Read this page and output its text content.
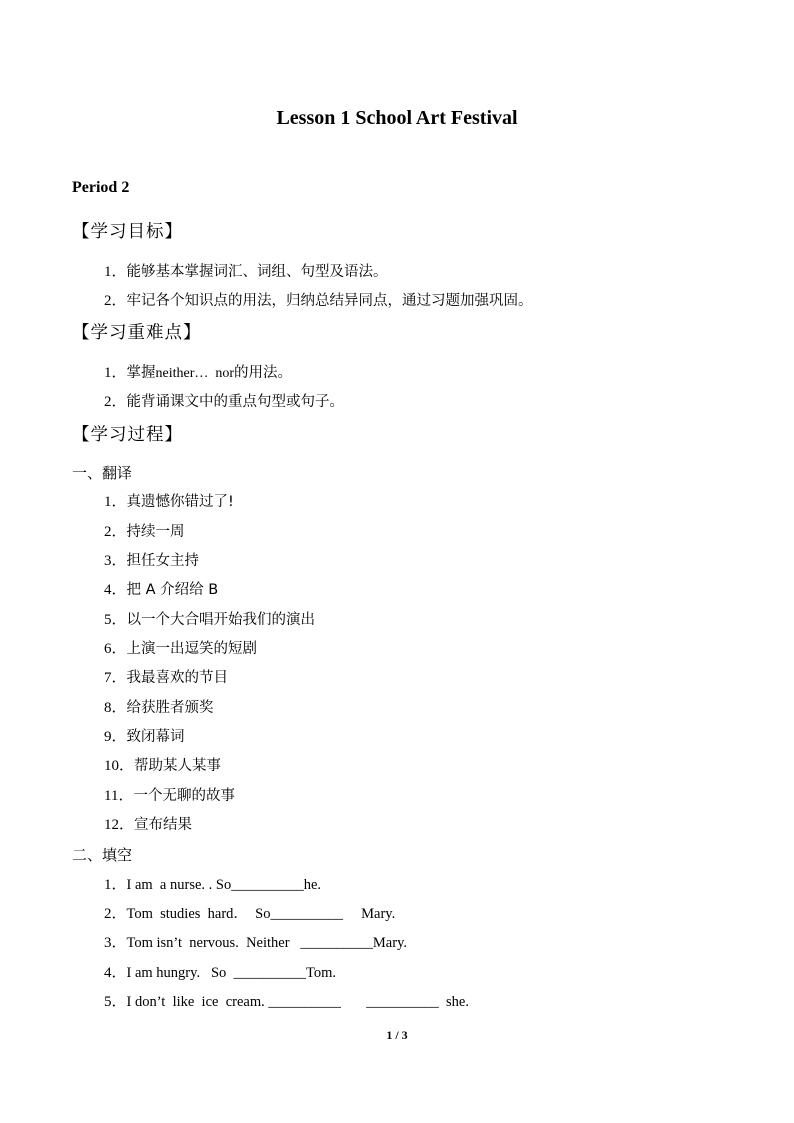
Lesson 1 School Art Festival
Period 2
【学习目标】
1．能够基本掌握词汇、词组、句型及语法。
2．牢记各个知识点的用法，归纳总结异同点，通过习题加强巩固。
【学习重难点】
1．掌握neither…  nor的用法。
2．能背诵课文中的重点句型或句子。
【学习过程】
一、翻译
1．真遗憾你错过了!
2．持续一周
3．担任女主持
4．把 A 介绍给 B
5．以一个大合唱开始我们的演出
6．上演一出逗笑的短剧
7．我最喜欢的节目
8．给获胜者颁奖
9．致闭幕词
10．帮助某人某事
11．一个无聊的故事
12．宣布结果
二、填空
1．I am  a nurse. . So__________he.
2．Tom  studies  hard．  So__________     Mary.
3．Tom isn’t  nervous.  Neither   __________Mary.
4．I am hungry.   So  __________Tom.
5．I don’t  like  ice  cream. __________       __________  she.
1 / 3
